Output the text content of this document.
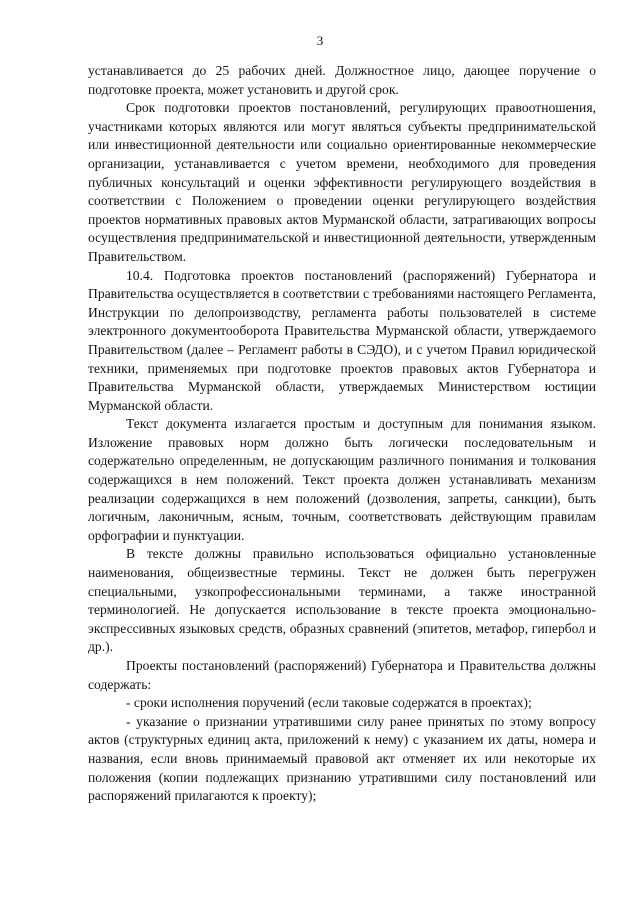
3

устанавливается до 25 рабочих дней. Должностное лицо, дающее поручение о подготовке проекта, может установить и другой срок.

Срок подготовки проектов постановлений, регулирующих правоотношения, участниками которых являются или могут являться субъекты предпринимательской или инвестиционной деятельности или социально ориентированные некоммерческие организации, устанавливается с учетом времени, необходимого для проведения публичных консультаций и оценки эффективности регулирующего воздействия в соответствии с Положением о проведении оценки регулирующего воздействия проектов нормативных правовых актов Мурманской области, затрагивающих вопросы осуществления предпринимательской и инвестиционной деятельности, утвержденным Правительством.

10.4. Подготовка проектов постановлений (распоряжений) Губернатора и Правительства осуществляется в соответствии с требованиями настоящего Регламента, Инструкции по делопроизводству, регламента работы пользователей в системе электронного документооборота Правительства Мурманской области, утверждаемого Правительством (далее – Регламент работы в СЭДО), и с учетом Правил юридической техники, применяемых при подготовке проектов правовых актов Губернатора и Правительства Мурманской области, утверждаемых Министерством юстиции Мурманской области.

Текст документа излагается простым и доступным для понимания языком. Изложение правовых норм должно быть логически последовательным и содержательно определенным, не допускающим различного понимания и толкования содержащихся в нем положений. Текст проекта должен устанавливать механизм реализации содержащихся в нем положений (дозволения, запреты, санкции), быть логичным, лаконичным, ясным, точным, соответствовать действующим правилам орфографии и пунктуации.

В тексте должны правильно использоваться официально установленные наименования, общеизвестные термины. Текст не должен быть перегружен специальными, узкопрофессиональными терминами, а также иностранной терминологией. Не допускается использование в тексте проекта эмоционально-экспрессивных языковых средств, образных сравнений (эпитетов, метафор, гипербол и др.).

Проекты постановлений (распоряжений) Губернатора и Правительства должны содержать:

- сроки исполнения поручений (если таковые содержатся в проектах);

- указание о признании утратившими силу ранее принятых по этому вопросу актов (структурных единиц акта, приложений к нему) с указанием их даты, номера и названия, если вновь принимаемый правовой акт отменяет их или некоторые их положения (копии подлежащих признанию утратившими силу постановлений или распоряжений прилагаются к проекту);
